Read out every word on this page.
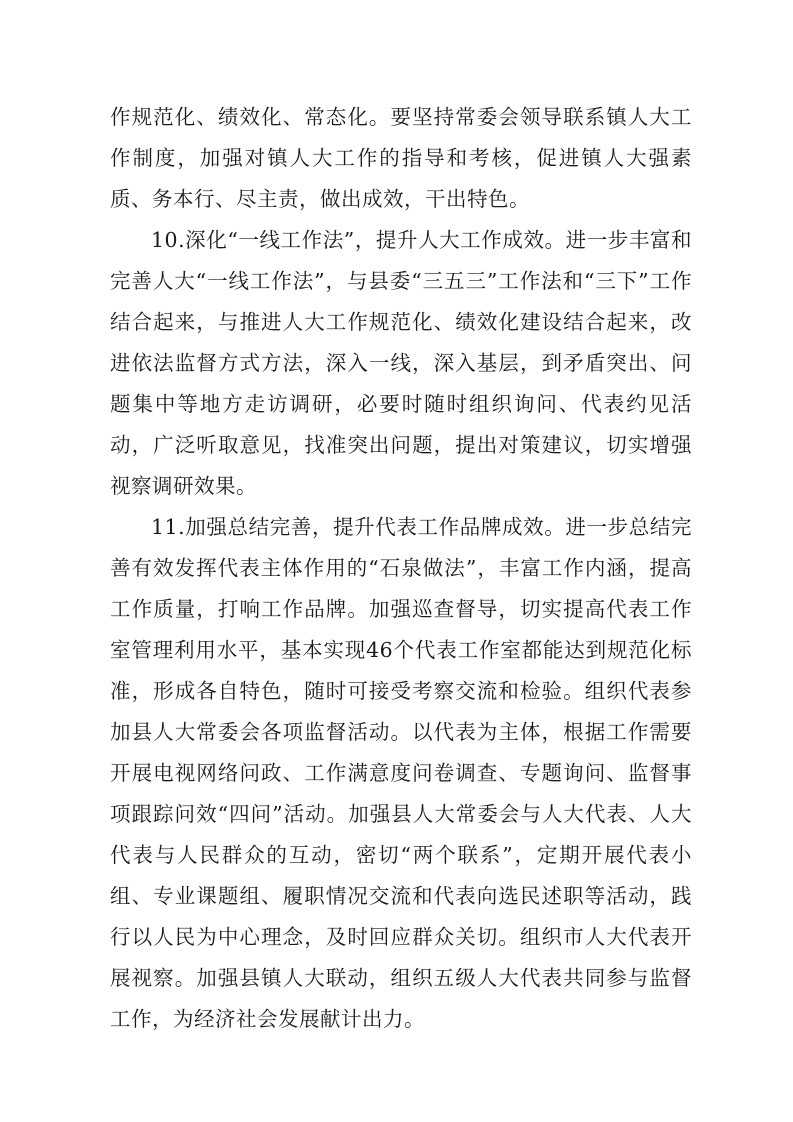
作规范化、绩效化、常态化。要坚持常委会领导联系镇人大工作制度，加强对镇人大工作的指导和考核，促进镇人大强素质、务本行、尽主责，做出成效，干出特色。

10.深化“一线工作法”，提升人大工作成效。进一步丰富和完善人大“一线工作法”，与县委“三五三”工作法和“三下”工作结合起来，与推进人大工作规范化、绩效化建设结合起来，改进依法监督方式方法，深入一线，深入基层，到矛盾突出、问题集中等地方走访调研，必要时随时组织询问、代表约见活动，广泛听取意见，找准突出问题，提出对策建议，切实增强视察调研效果。

11.加强总结完善，提升代表工作品牌成效。进一步总结完善有效发挥代表主体作用的“石泉做法”，丰富工作内涵，提高工作质量，打响工作品牌。加强巡查督导，切实提高代表工作室管理利用水平，基本实现46个代表工作室都能达到规范化标准，形成各自特色，随时可接受考察交流和检验。组织代表参加县人大常委会各项监督活动。以代表为主体，根据工作需要开展电视网络问政、工作满意度问卷调查、专题询问、监督事项跟踪问效“四问”活动。加强县人大常委会与人大代表、人大代表与人民群众的互动，密切“两个联系”，定期开展代表小组、专业课题组、履职情况交流和代表向选民述职等活动，践行以人民为中心理念，及时回应群众关切。组织市人大代表开展视察。加强县镇人大联动，组织五级人大代表共同参与监督工作，为经济社会发展献计出力。
